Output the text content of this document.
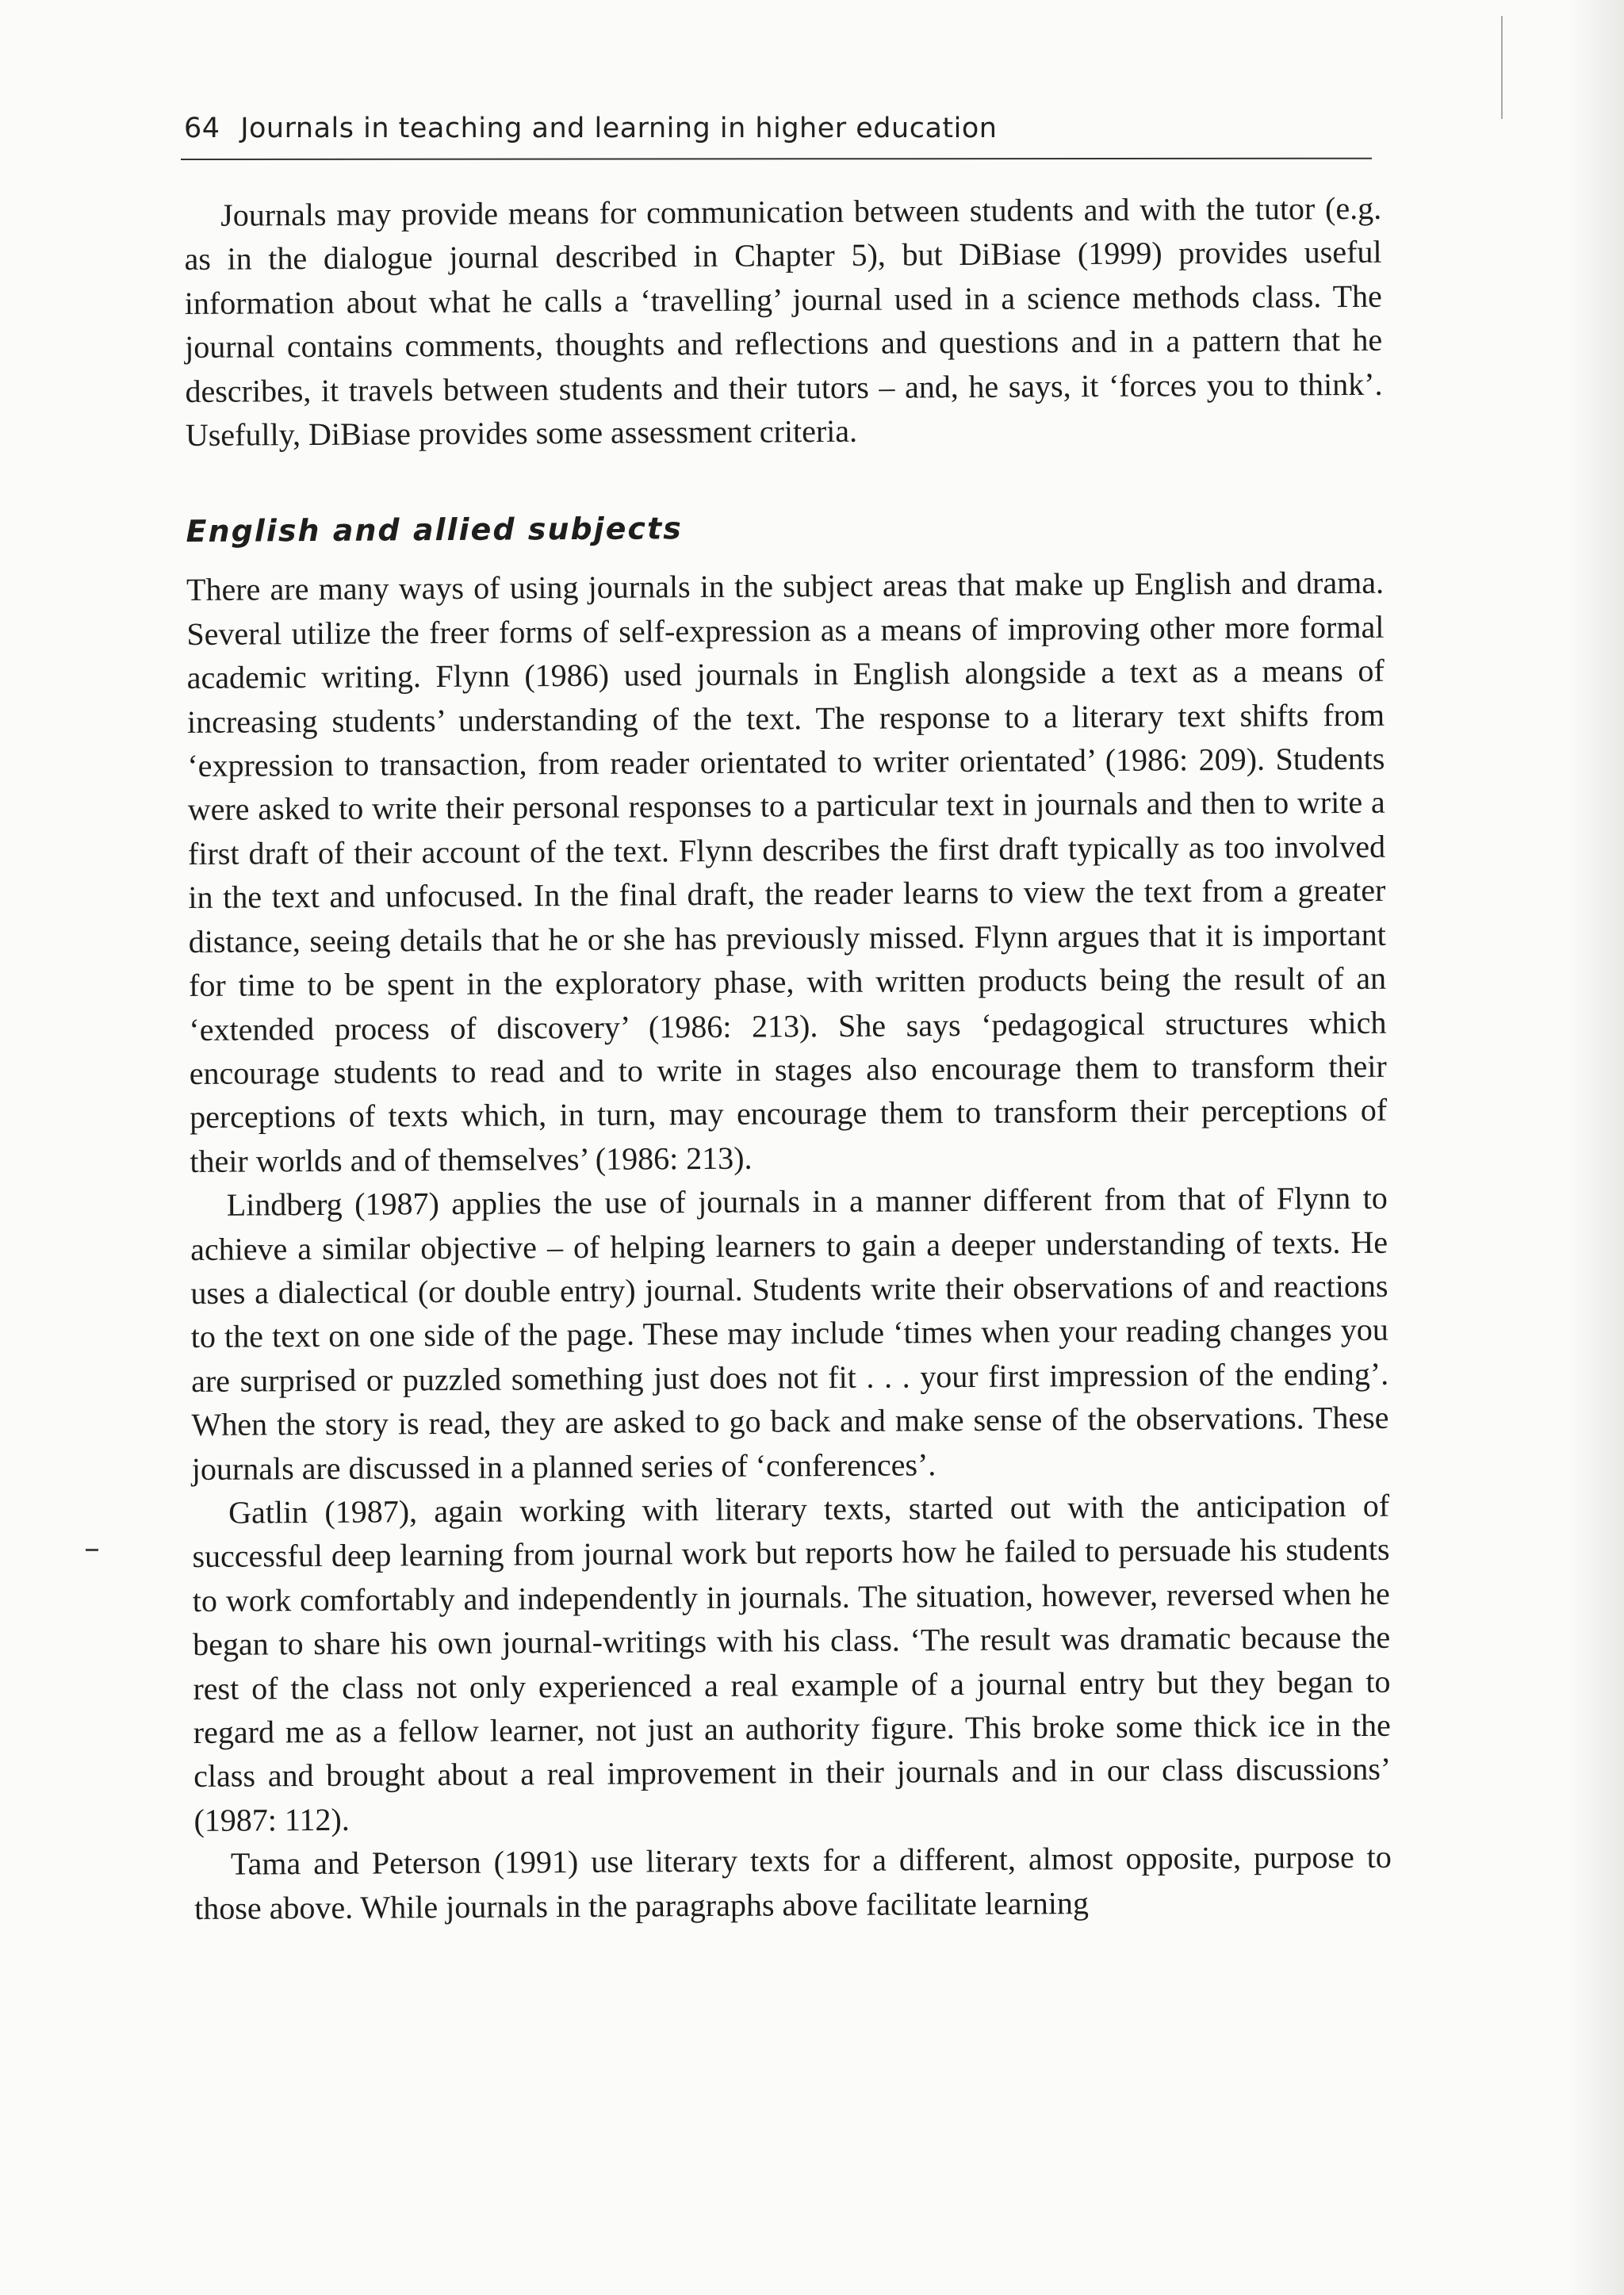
64 Journals in teaching and learning in higher education

Journals may provide means for communication between students and with the tutor (e.g. as in the dialogue journal described in Chapter 5), but DiBiase (1999) provides useful information about what he calls a ‘travelling’ journal used in a science methods class. The journal contains comments, thoughts and reflections and questions and in a pattern that he describes, it travels between students and their tutors – and, he says, it ‘forces you to think’. Usefully, DiBiase provides some assessment criteria.

English and allied subjects

There are many ways of using journals in the subject areas that make up English and drama. Several utilize the freer forms of self-expression as a means of improving other more formal academic writing. Flynn (1986) used journals in English alongside a text as a means of increasing students’ understanding of the text. The response to a literary text shifts from ‘expression to transaction, from reader orientated to writer orientated’ (1986: 209). Students were asked to write their personal responses to a particular text in journals and then to write a first draft of their account of the text. Flynn describes the first draft typically as too involved in the text and unfocused. In the final draft, the reader learns to view the text from a greater distance, seeing details that he or she has previously missed. Flynn argues that it is important for time to be spent in the exploratory phase, with written products being the result of an ‘extended process of discovery’ (1986: 213). She says ‘pedagogical structures which encourage students to read and to write in stages also encourage them to transform their perceptions of texts which, in turn, may encourage them to transform their perceptions of their worlds and of themselves’ (1986: 213).

Lindberg (1987) applies the use of journals in a manner different from that of Flynn to achieve a similar objective – of helping learners to gain a deeper understanding of texts. He uses a dialectical (or double entry) journal. Students write their observations of and reactions to the text on one side of the page. These may include ‘times when your reading changes you are surprised or puzzled something just does not fit . . . your first impression of the ending’. When the story is read, they are asked to go back and make sense of the observations. These journals are discussed in a planned series of ‘conferences’.

Gatlin (1987), again working with literary texts, started out with the anticipation of successful deep learning from journal work but reports how he failed to persuade his students to work comfortably and independently in journals. The situation, however, reversed when he began to share his own journal-writings with his class. ‘The result was dramatic because the rest of the class not only experienced a real example of a journal entry but they began to regard me as a fellow learner, not just an authority figure. This broke some thick ice in the class and brought about a real improvement in their journals and in our class discussions’ (1987: 112).

Tama and Peterson (1991) use literary texts for a different, almost opposite, purpose to those above. While journals in the paragraphs above facilitate learning
